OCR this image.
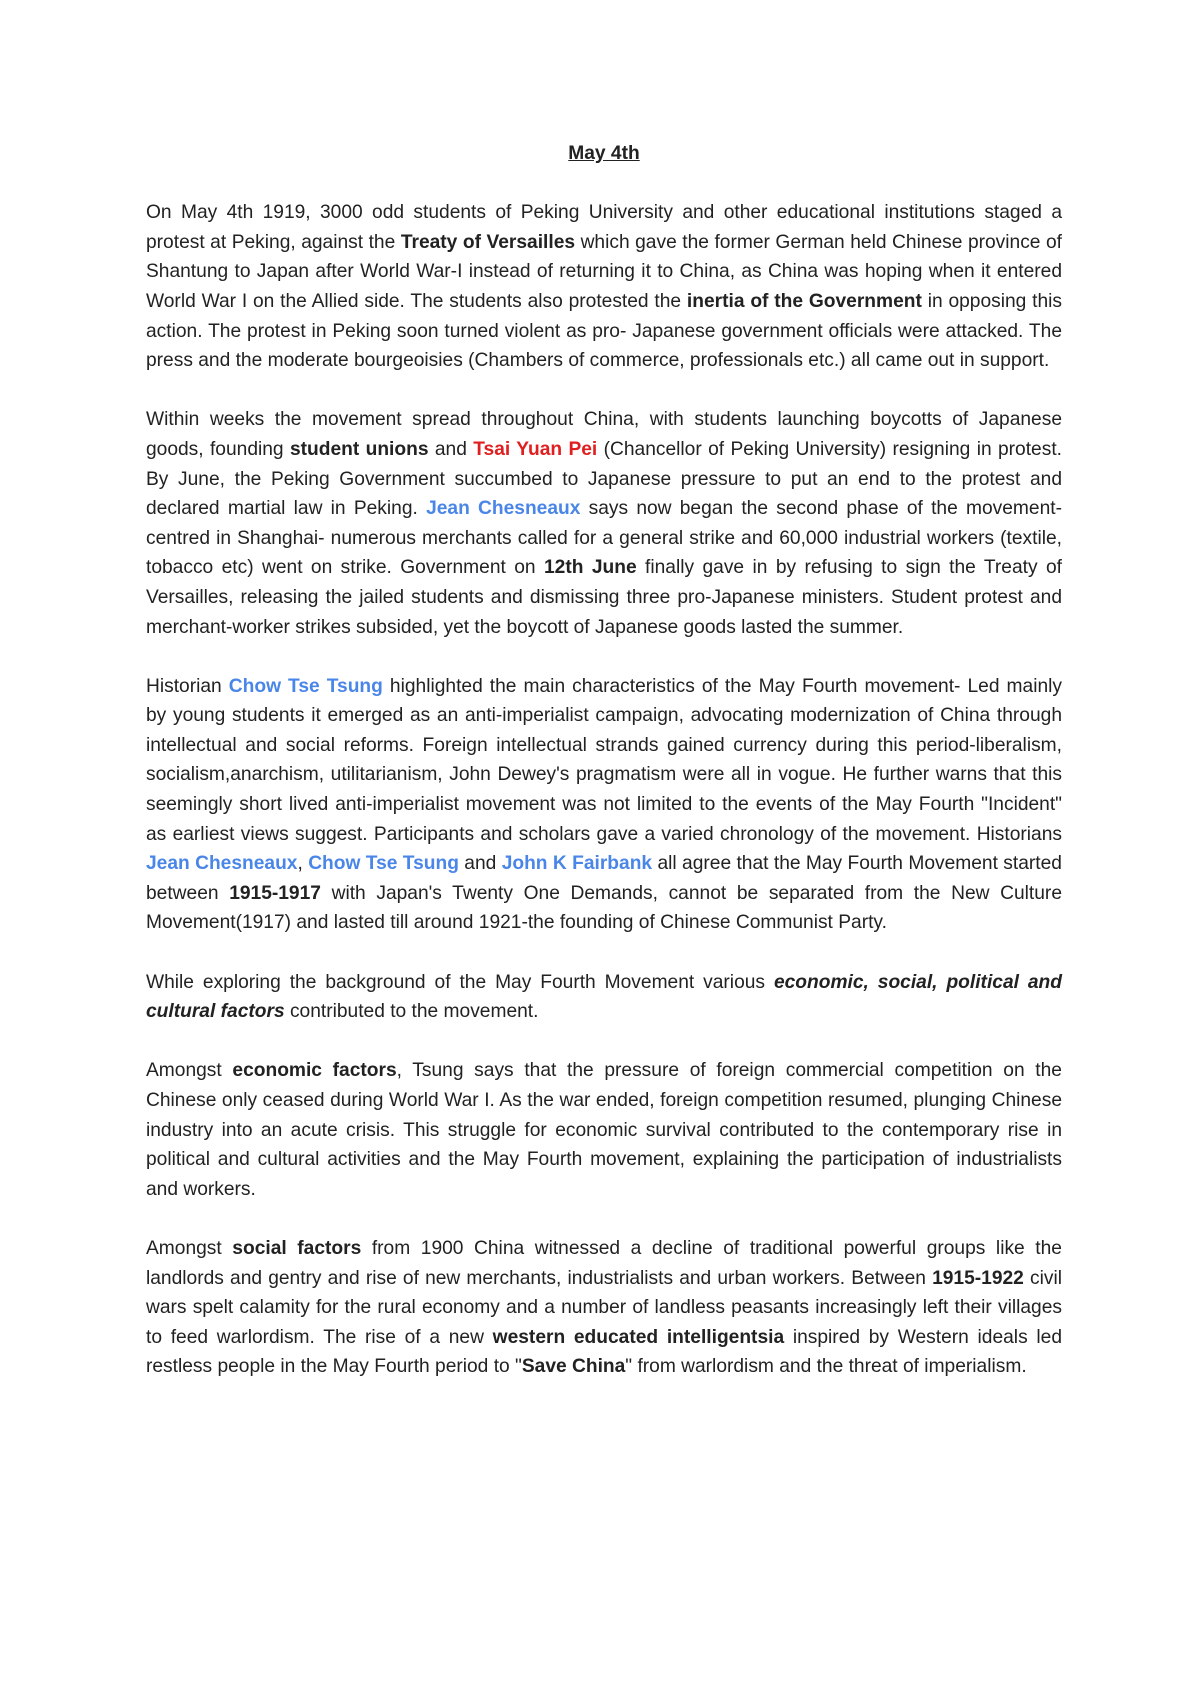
May 4th

On May 4th 1919, 3000 odd students of Peking University and other educational institutions staged a protest at Peking, against the Treaty of Versailles which gave the former German held Chinese province of Shantung to Japan after World War-I instead of returning it to China, as China was hoping when it entered World War I on the Allied side. The students also protested the inertia of the Government in opposing this action. The protest in Peking soon turned violent as pro- Japanese government officials were attacked. The press and the moderate bourgeoisies (Chambers of commerce, professionals etc.) all came out in support.

Within weeks the movement spread throughout China, with students launching boycotts of Japanese goods, founding student unions and Tsai Yuan Pei (Chancellor of Peking University) resigning in protest. By June, the Peking Government succumbed to Japanese pressure to put an end to the protest and declared martial law in Peking. Jean Chesneaux says now began the second phase of the movement- centred in Shanghai- numerous merchants called for a general strike and 60,000 industrial workers (textile, tobacco etc) went on strike. Government on 12th June finally gave in by refusing to sign the Treaty of Versailles, releasing the jailed students and dismissing three pro-Japanese ministers. Student protest and merchant-worker strikes subsided, yet the boycott of Japanese goods lasted the summer.

Historian Chow Tse Tsung highlighted the main characteristics of the May Fourth movement- Led mainly by young students it emerged as an anti-imperialist campaign, advocating modernization of China through intellectual and social reforms. Foreign intellectual strands gained currency during this period-liberalism, socialism,anarchism, utilitarianism, John Dewey's pragmatism were all in vogue. He further warns that this seemingly short lived anti-imperialist movement was not limited to the events of the May Fourth "Incident" as earliest views suggest. Participants and scholars gave a varied chronology of the movement. Historians Jean Chesneaux, Chow Tse Tsung and John K Fairbank all agree that the May Fourth Movement started between 1915-1917 with Japan's Twenty One Demands, cannot be separated from the New Culture Movement(1917) and lasted till around 1921-the founding of Chinese Communist Party.

While exploring the background of the May Fourth Movement various economic, social, political and cultural factors contributed to the movement.

Amongst economic factors, Tsung says that the pressure of foreign commercial competition on the Chinese only ceased during World War I. As the war ended, foreign competition resumed, plunging Chinese industry into an acute crisis. This struggle for economic survival contributed to the contemporary rise in political and cultural activities and the May Fourth movement, explaining the participation of industrialists and workers.

Amongst social factors from 1900 China witnessed a decline of traditional powerful groups like the landlords and gentry and rise of new merchants, industrialists and urban workers. Between 1915-1922 civil wars spelt calamity for the rural economy and a number of landless peasants increasingly left their villages to feed warlordism. The rise of a new western educated intelligentsia inspired by Western ideals led restless people in the May Fourth period to "Save China" from warlordism and the threat of imperialism.
